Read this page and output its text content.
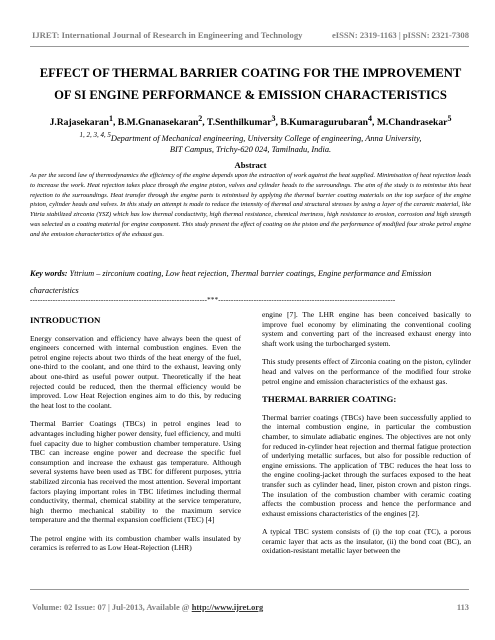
IJRET: International Journal of Research in Engineering and Technology	eISSN: 2319-1163 | pISSN: 2321-7308
EFFECT OF THERMAL BARRIER COATING FOR THE IMPROVEMENT
OF SI ENGINE PERFORMANCE & EMISSION CHARACTERISTICS
J.Rajasekaran$^1$, B.M.Gnanasekaran$^2$, T.Senthilkumar$^3$, B.Kumaragurubaran$^4$, M.Chandrasekar$^5$
$^{1, 2, 3, 4, 5}$Department of Mechanical engineering, University College of engineering, Anna University,
BIT Campus, Trichy-620 024, Tamilnadu, India.
Abstract
As per the second law of thermodynamics the efficiency of the engine depends upon the extraction of work against the heat supplied. Minimisation of heat rejection leads to increase the work. Heat rejection takes place through the engine piston, valves and cylinder heads to the surroundings. The aim of the study is to minimise this heat rejection to the surroundings. Heat transfer through the engine parts is minimised by applying the thermal barrier coating materials on the top surface of the engine piston, cylinder heads and valves. In this study an attempt is made to reduce the intensity of thermal and structural stresses by using a layer of the ceramic material, like Yttria stabilized zirconia (YSZ) which has low thermal conductivity, high thermal resistance, chemical inertness, high resistance to erosion, corrosion and high strength was selected as a coating material for engine component. This study present the effect of coating on the piston and the performance of modified four stroke petrol engine and the emission characteristics of the exhaust gas.
Key words: Yttrium – zirconium coating, Low heat rejection, Thermal barrier coatings, Engine performance and Emission characteristics
----------------------------------------------------------------------***----------------------------------------------------------------------
INTRODUCTION

Energy conservation and efficiency have always been the quest of engineers concerned with internal combustion engines. Even the petrol engine rejects about two thirds of the heat energy of the fuel, one-third to the coolant, and one third to the exhaust, leaving only about one-third as useful power output. Theoretically if the heat rejected could be reduced, then the thermal efficiency would be improved. Low Heat Rejection engines aim to do this, by reducing the heat lost to the coolant.

Thermal Barrier Coatings (TBCs) in petrol engines lead to advantages including higher power density, fuel efficiency, and multi fuel capacity due to higher combustion chamber temperature. Using TBC can increase engine power and decrease the specific fuel consumption and increase the exhaust gas temperature. Although several systems have been used as TBC for different purposes, yttria stabilized zirconia has received the most attention. Several important factors playing important roles in TBC lifetimes including thermal conductivity, thermal, chemical stability at the service temperature, high thermo mechanical stability to the maximum service temperature and the thermal expansion coefficient (TEC) [4]

The petrol engine with its combustion chamber walls insulated by ceramics is referred to as Low Heat-Rejection (LHR)

engine [7]. The LHR engine has been conceived basically to improve fuel economy by eliminating the conventional cooling system and converting part of the increased exhaust energy into shaft work using the turbocharged system.

This study presents effect of Zirconia coating on the piston, cylinder head and valves on the performance of the modified four stroke petrol engine and emission characteristics of the exhaust gas.

THERMAL BARRIER COATING:

Thermal barrier coatings (TBCs) have been successfully applied to the internal combustion engine, in particular the combustion chamber, to simulate adiabatic engines. The objectives are not only for reduced in-cylinder heat rejection and thermal fatigue protection of underlying metallic surfaces, but also for possible reduction of engine emissions. The application of TBC reduces the heat loss to the engine cooling-jacket through the surfaces exposed to the heat transfer such as cylinder head, liner, piston crown and piston rings. The insulation of the combustion chamber with ceramic coating affects the combustion process and hence the performance and exhaust emissions characteristics of the engines [2].

A typical TBC system consists of (i) the top coat (TC), a porous ceramic layer that acts as the insulator, (ii) the bond coat (BC), an oxidation-resistant metallic layer between the

Volume: 02 Issue: 07 | Jul-2013, Available @ http://www.ijret.org	113
